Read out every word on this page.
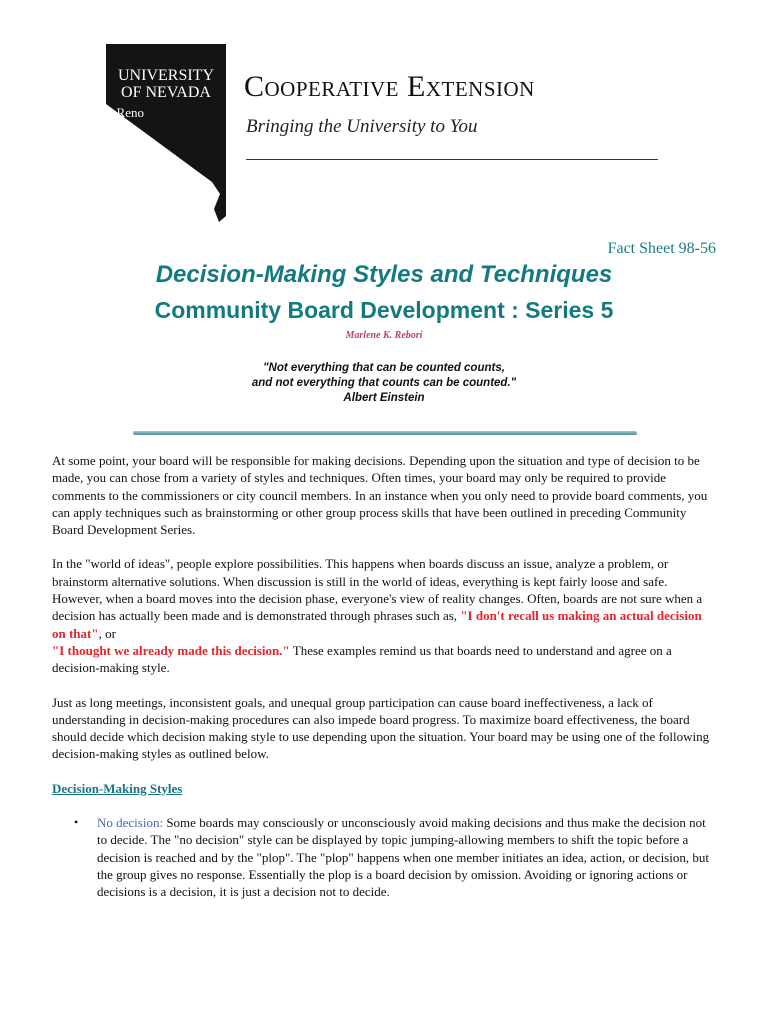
UNIVERSITY
OF NEVADA
•Reno
Cooperative Extension
Bringing the University to You
Fact Sheet 98-56
Decision-Making Styles and Techniques
Community Board Development : Series 5
Marlene K. Rebori
"Not everything that can be counted counts,
and not everything that counts can be counted."
Albert Einstein

At some point, your board will be responsible for making decisions. Depending upon the situation and type of decision to be made, you can chose from a variety of styles and techniques. Often times, your board may only be required to provide comments to the commissioners or city council members. In an instance when you only need to provide board comments, you can apply techniques such as brainstorming or other group process skills that have been outlined in preceding Community Board Development Series.

In the "world of ideas", people explore possibilities. This happens when boards discuss an issue, analyze a problem, or brainstorm alternative solutions. When discussion is still in the world of ideas, everything is kept fairly loose and safe. However, when a board moves into the decision phase, everyone's view of reality changes. Often, boards are not sure when a decision has actually been made and is demonstrated through phrases such as, "I don't recall us making an actual decision on that", or
"I thought we already made this decision." These examples remind us that boards need to understand and agree on a decision-making style.

Just as long meetings, inconsistent goals, and unequal group participation can cause board ineffectiveness, a lack of understanding in decision-making procedures can also impede board progress. To maximize board effectiveness, the board should decide which decision making style to use depending upon the situation. Your board may be using one of the following decision-making styles as outlined below.

Decision-Making Styles
• No decision: Some boards may consciously or unconsciously avoid making decisions and thus make the decision not to decide. The "no decision" style can be displayed by topic jumping-allowing members to shift the topic before a decision is reached and by the "plop". The "plop" happens when one member initiates an idea, action, or decision, but the group gives no response. Essentially the plop is a board decision by omission. Avoiding or ignoring actions or decisions is a decision, it is just a decision not to decide.
